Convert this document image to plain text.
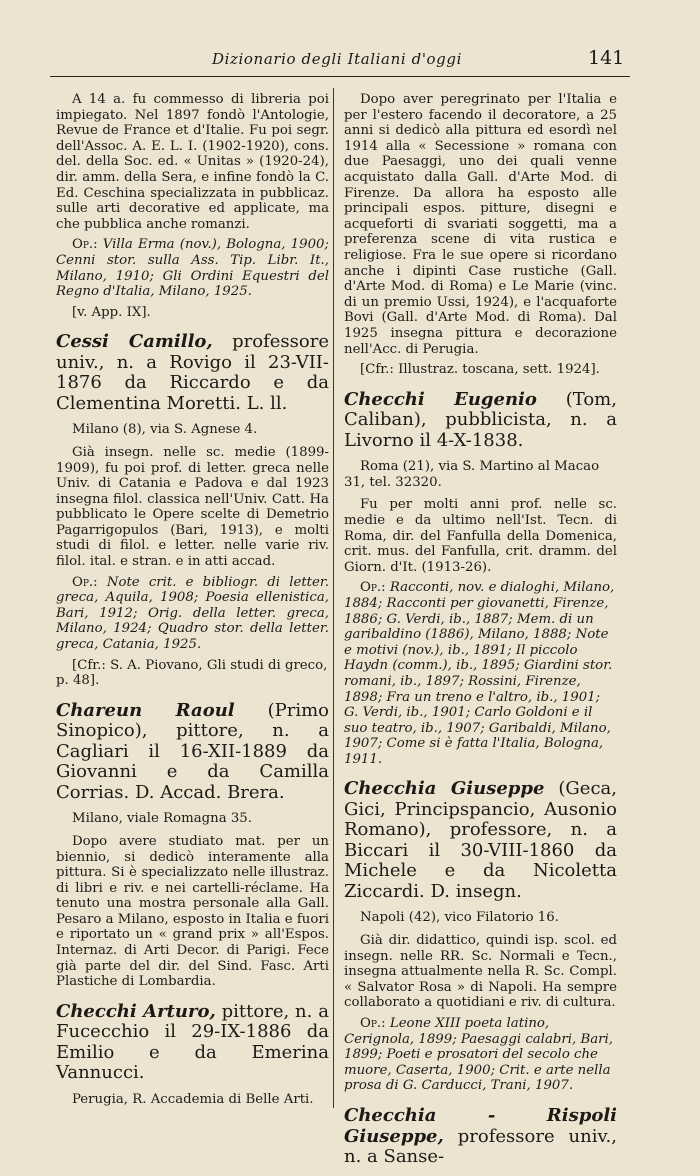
Dizionario degli Italiani d'oggi	141

A 14 a. fu commesso di libreria poi impiegato. Nel 1897 fondò l'Antologie, Revue de France et d'Italie. Fu poi segr. dell'Assoc. A. E. L. I. (1902-1920), cons. del. della Soc. ed. « Unitas » (1920-24), dir. amm. della Sera, e infine fondò la C. Ed. Ceschina specializzata in pubblicaz. sulle arti decorative ed applicate, ma che pubblica anche romanzi.

Op.: Villa Erma (nov.), Bologna, 1900; Cenni stor. sulla Ass. Tip. Libr. It., Milano, 1910; Gli Ordini Equestri del Regno d'Italia, Milano, 1925.

[v. App. IX].

Cessi Camillo, professore univ., n. a Rovigo il 23-VII-1876 da Riccardo e da Clementina Moretti. L. ll.

Milano (8), via S. Agnese 4.

Già insegn. nelle sc. medie (1899-1909), fu poi prof. di letter. greca nelle Univ. di Catania e Padova e dal 1923 insegna filol. classica nell'Univ. Catt. Ha pubblicato le Opere scelte di Demetrio Pagarrigopulos (Bari, 1913), e molti studi di filol. e letter. nelle varie riv. filol. ital. e stran. e in atti accad.

Op.: Note crit. e bibliogr. di letter. greca, Aquila, 1908; Poesia ellenistica, Bari, 1912; Orig. della letter. greca, Milano, 1924; Quadro stor. della letter. greca, Catania, 1925.

[Cfr.: S. A. Piovano, Gli studi di greco, p. 48].

Chareun Raoul (Primo Sinopico), pittore, n. a Cagliari il 16-XII-1889 da Giovanni e da Camilla Corrias. D. Accad. Brera.

Milano, viale Romagna 35.

Dopo avere studiato mat. per un biennio, si dedicò interamente alla pittura. Si è specializzato nelle illustraz. di libri e riv. e nei cartelli-réclame. Ha tenuto una mostra personale alla Gall. Pesaro a Milano, esposto in Italia e fuori e riportato un « grand prix » all'Espos. Internaz. di Arti Decor. di Parigi. Fece già parte del dir. del Sind. Fasc. Arti Plastiche di Lombardia.

Checchi Arturo, pittore, n. a Fucecchio il 29-IX-1886 da Emilio e da Emerina Vannucci.

Perugia, R. Accademia di Belle Arti.

Dopo aver peregrinato per l'Italia e per l'estero facendo il decoratore, a 25 anni si dedicò alla pittura ed esordì nel 1914 alla « Secessione » romana con due Paesaggi, uno dei quali venne acquistato dalla Gall. d'Arte Mod. di Firenze. Da allora ha esposto alle principali espos. pitture, disegni e acqueforti di svariati soggetti, ma a preferenza scene di vita rustica e religiose. Fra le sue opere si ricordano anche i dipinti Case rustiche (Gall. d'Arte Mod. di Roma) e Le Marie (vinc. di un premio Ussi, 1924), e l'acquaforte Bovi (Gall. d'Arte Mod. di Roma). Dal 1925 insegna pittura e decorazione nell'Acc. di Perugia.

[Cfr.: Illustraz. toscana, sett. 1924].

Checchi Eugenio (Tom, Caliban), pubblicista, n. a Livorno il 4-X-1838.

Roma (21), via S. Martino al Macao 31, tel. 32320.

Fu per molti anni prof. nelle sc. medie e da ultimo nell'Ist. Tecn. di Roma, dir. del Fanfulla della Domenica, crit. mus. del Fanfulla, crit. dramm. del Giorn. d'It. (1913-26).

Op.: Racconti, nov. e dialoghi, Milano, 1884; Racconti per giovanetti, Firenze, 1886; G. Verdi, ib., 1887; Mem. di un garibaldino (1886), Milano, 1888; Note e motivi (nov.), ib., 1891; Il piccolo Haydn (comm.), ib., 1895; Giardini stor. romani, ib., 1897; Rossini, Firenze, 1898; Fra un treno e l'altro, ib., 1901; G. Verdi, ib., 1901; Carlo Goldoni e il suo teatro, ib., 1907; Garibaldi, Milano, 1907; Come si è fatta l'Italia, Bologna, 1911.

Checchia Giuseppe (Geca, Gici, Principspancio, Ausonio Romano), professore, n. a Biccari il 30-VIII-1860 da Michele e da Nicoletta Ziccardi. D. insegn.

Napoli (42), vico Filatorio 16.

Già dir. didattico, quindi isp. scol. ed insegn. nelle RR. Sc. Normali e Tecn., insegna attualmente nella R. Sc. Compl. « Salvator Rosa » di Napoli. Ha sempre collaborato a quotidiani e riv. di cultura.

Op.: Leone XIII poeta latino, Cerignola, 1899; Paesaggi calabri, Bari, 1899; Poeti e prosatori del secolo che muore, Caserta, 1900; Crit. e arte nella prosa di G. Carducci, Trani, 1907.

Checchia - Rispoli Giuseppe, professore univ., n. a Sanse-
